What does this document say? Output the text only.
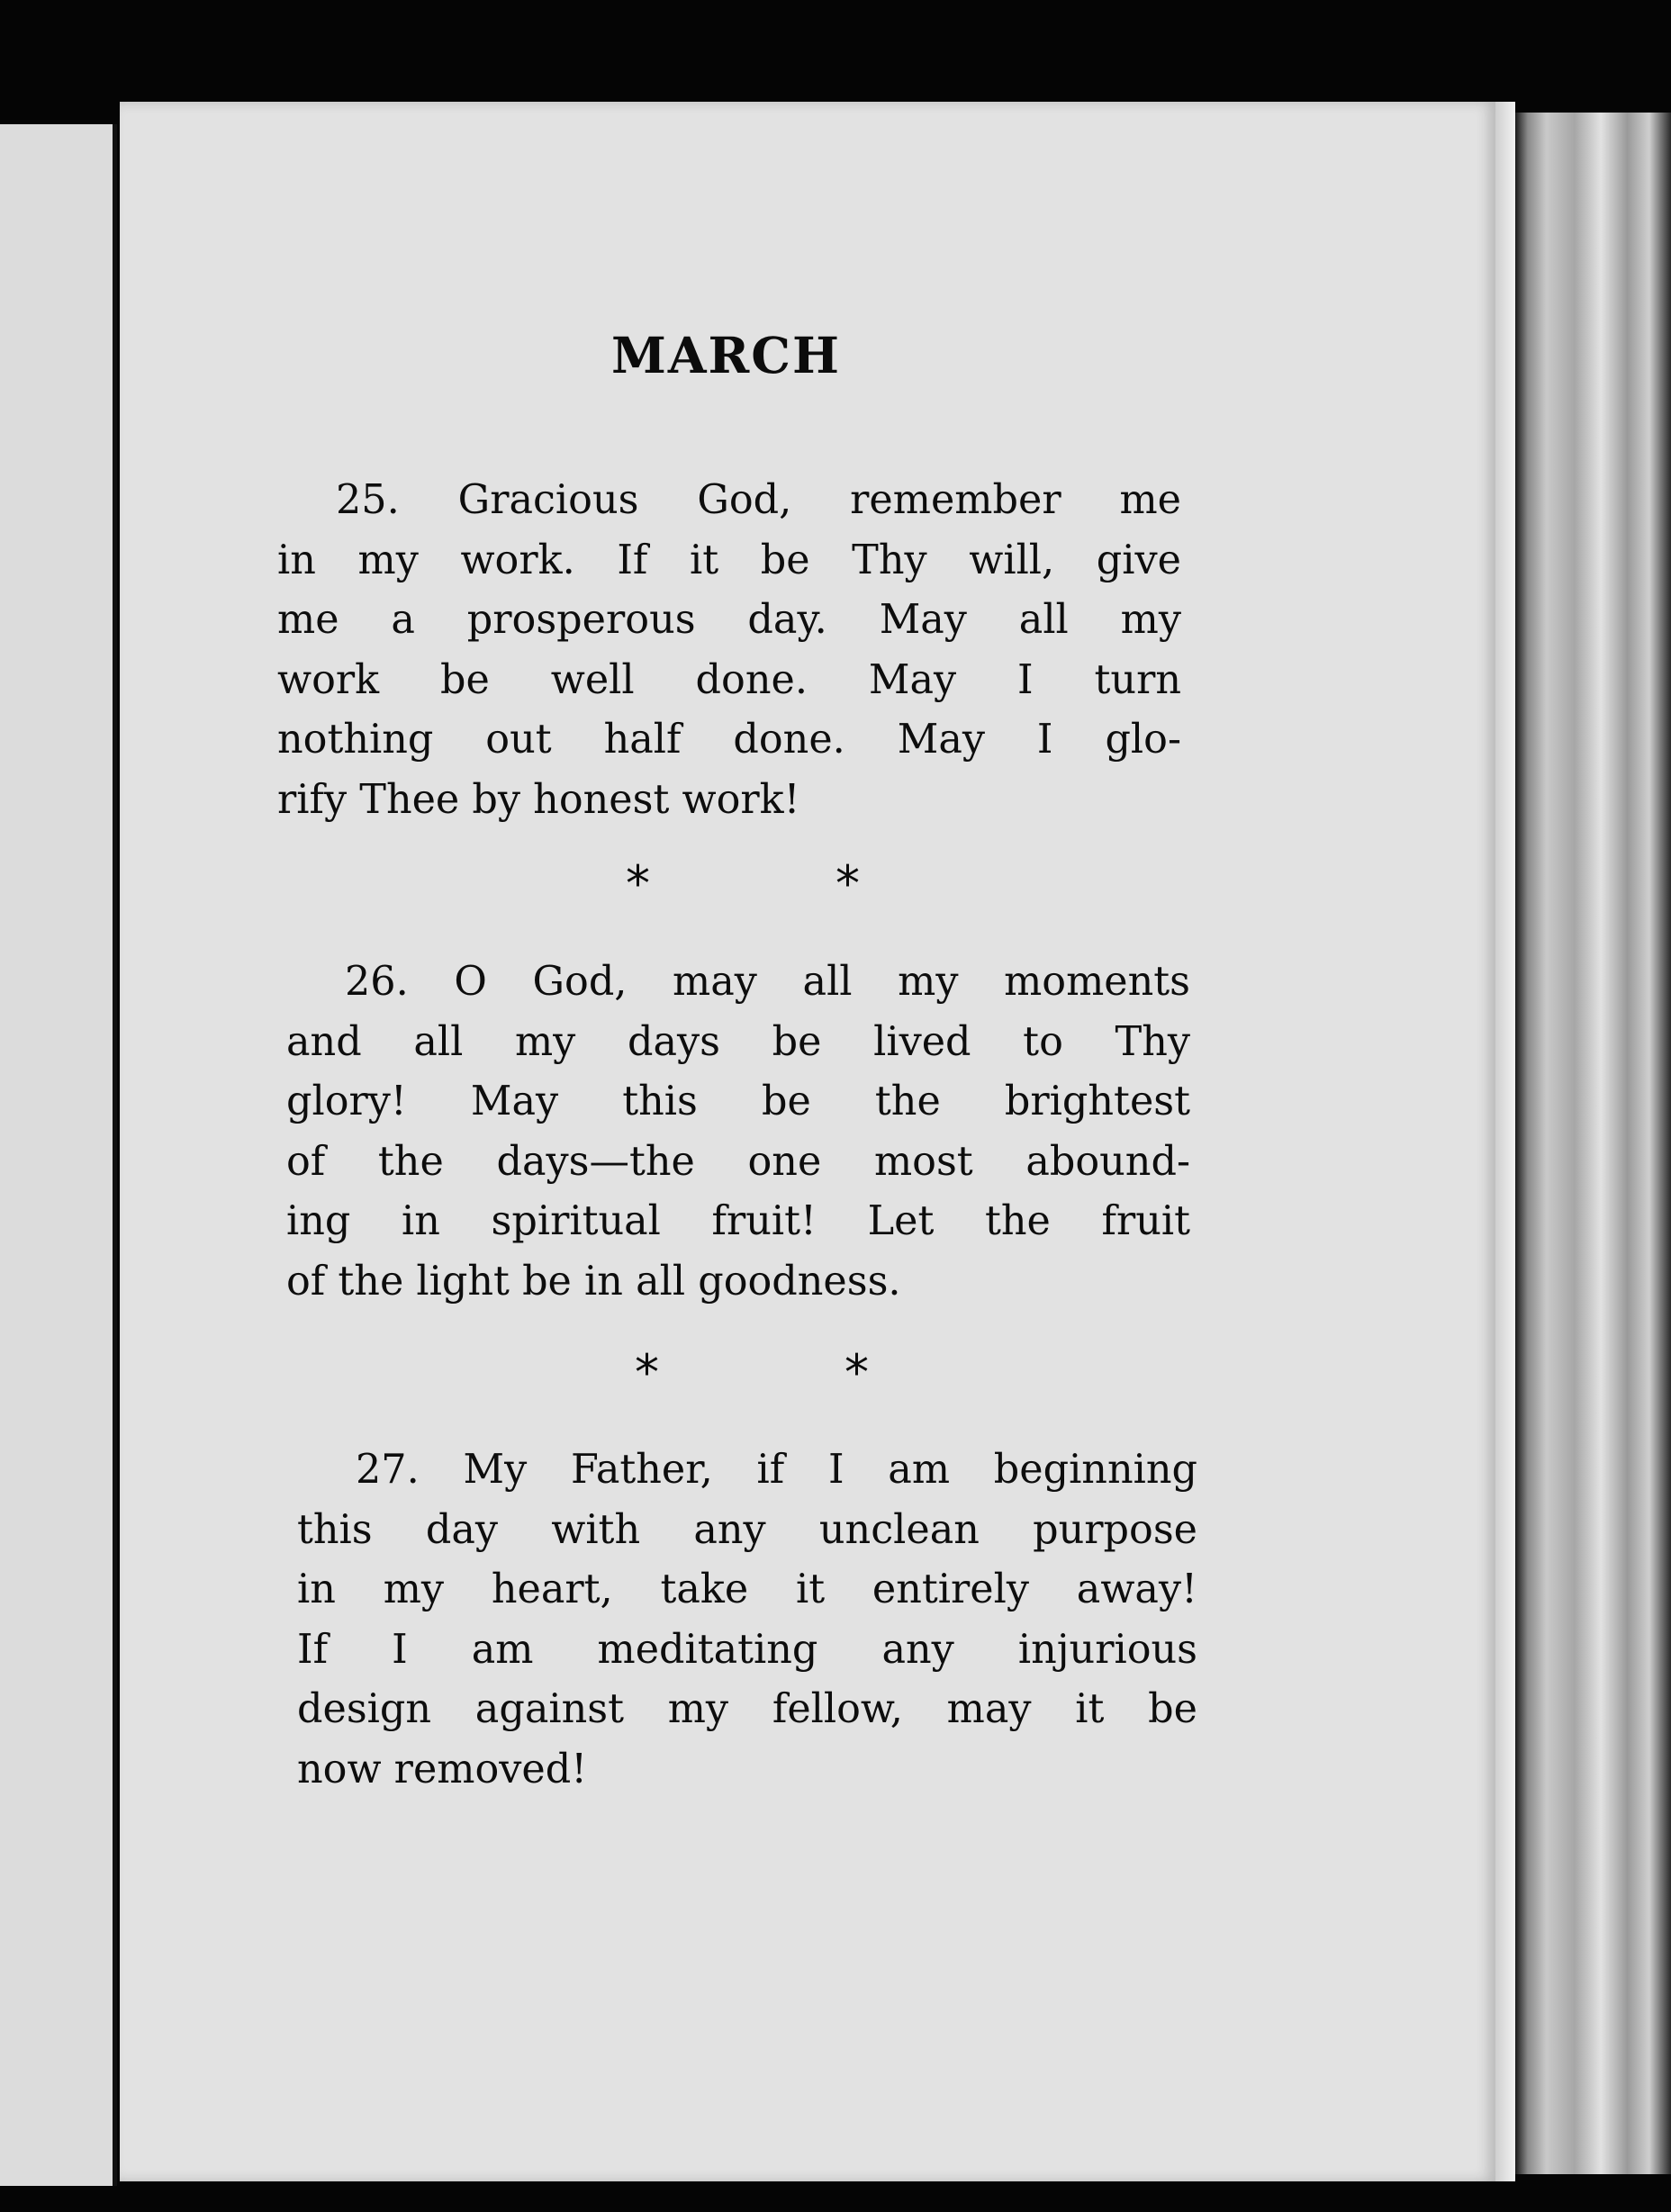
MARCH
25. Gracious God, remember me
in my work. If it be Thy will, give
me a prosperous day. May all my
work be well done. May I turn
nothing out half done. May I glo-
rify Thee by honest work!
*	*
26. O God, may all my moments
and all my days be lived to Thy
glory! May this be the brightest
of the days—the one most abound-
ing in spiritual fruit! Let the fruit
of the light be in all goodness.
*	*
27. My Father, if I am beginning
this day with any unclean purpose
in my heart, take it entirely away!
If I am meditating any injurious
design against my fellow, may it be
now removed!
